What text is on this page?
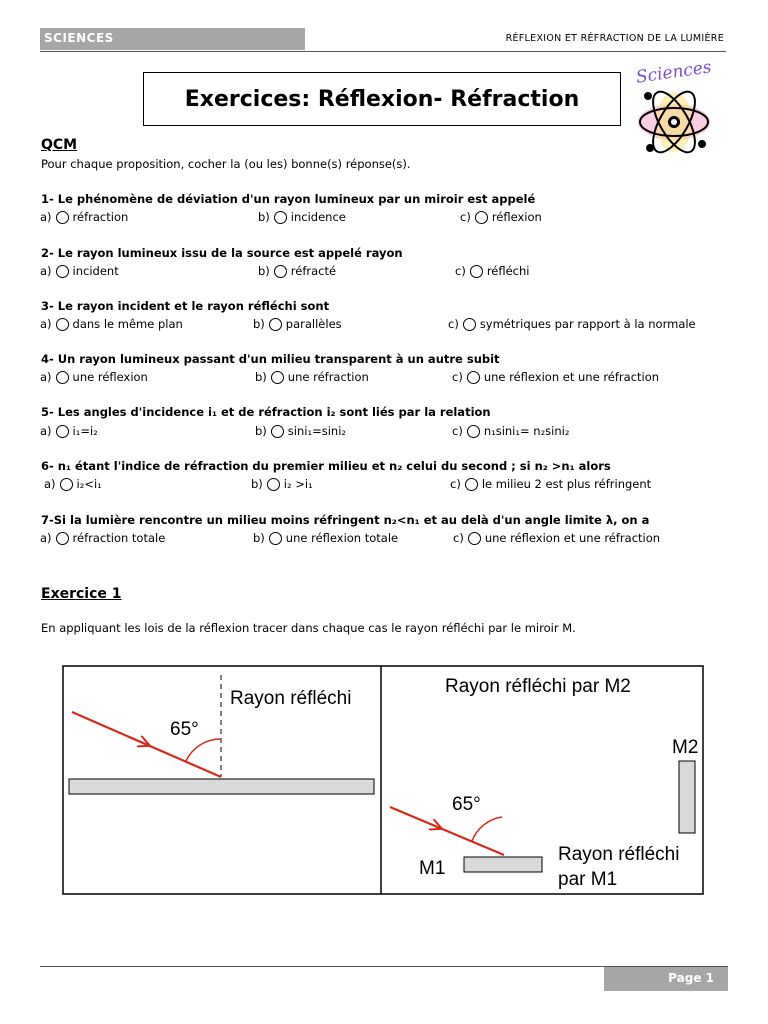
SCIENCES	RÉFLEXION ET RÉFRACTION DE LA LUMIÈRE
Exercices: Réflexion- Réfraction
Sciences
QCM
Pour chaque proposition, cocher la (ou les) bonne(s) réponse(s).
1- Le phénomène de déviation d'un rayon lumineux par un miroir est appelé
a) réfraction	b) incidence	c) réflexion
2- Le rayon lumineux issu de la source est appelé rayon
a) incident	b) réfracté	c) réfléchi
3- Le rayon incident et le rayon réfléchi sont
a) dans le même plan	b) parallèles	c) symétriques par rapport à la normale
4- Un rayon lumineux passant d'un milieu transparent à un autre subit
a) une réflexion	b) une réfraction	c) une réflexion et une réfraction
5- Les angles d'incidence i₁ et de réfraction i₂ sont liés par la relation
a) i₁=i₂	b) sini₁=sini₂	c) n₁sini₁= n₂sini₂
6- n₁ étant l'indice de réfraction du premier milieu et n₂ celui du second ; si n₂ >n₁ alors
a) i₂<i₁	b) i₂ >i₁	c) le milieu 2 est plus réfringent
7-Si la lumière rencontre un milieu moins réfringent n₂<n₁ et au delà d'un angle limite λ, on a
a) réfraction totale	b) une réflexion totale	c) une réflexion et une réfraction
Exercice 1
En appliquant les lois de la réflexion tracer dans chaque cas le rayon réfléchi par le miroir M.
65°
Rayon réfléchi
Rayon réfléchi par M2
M2
65°
M1
Rayon réfléchi
par M1
Page 1
